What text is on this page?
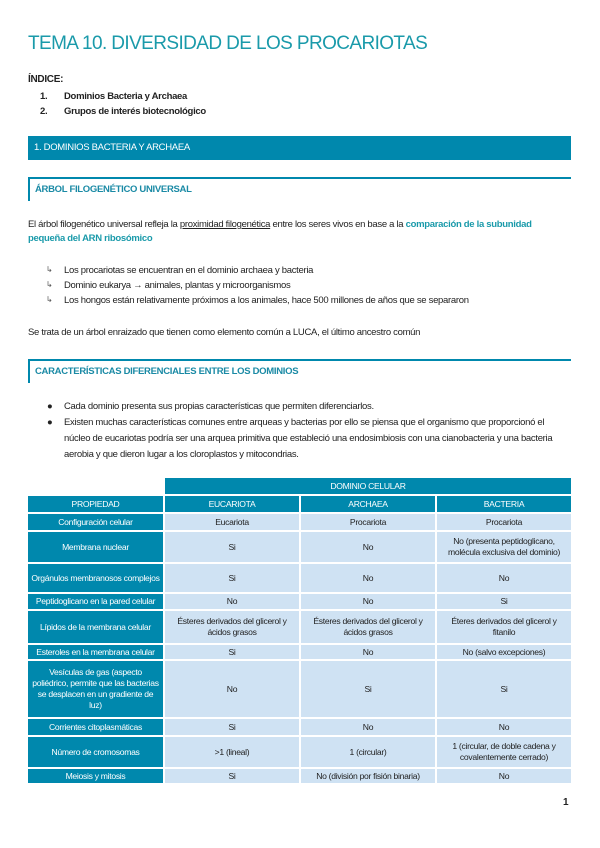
TEMA 10. DIVERSIDAD DE LOS PROCARIOTAS
ÍNDICE:
1. Dominios Bacteria y Archaea
2. Grupos de interés biotecnológico
1. DOMINIOS BACTERIA Y ARCHAEA
ÁRBOL FILOGENÉTICO UNIVERSAL
El árbol filogenético universal refleja la proximidad filogenética entre los seres vivos en base a la comparación de la subunidad pequeña del ARN ribosómico
↳ Los procariotas se encuentran en el dominio archaea y bacteria
↳ Dominio eukarya → animales, plantas y microorganismos
↳ Los hongos están relativamente próximos a los animales, hace 500 millones de años que se separaron
Se trata de un árbol enraizado que tienen como elemento común a LUCA, el último ancestro común
CARACTERÍSTICAS DIFERENCIALES ENTRE LOS DOMINIOS
● Cada dominio presenta sus propias características que permiten diferenciarlos.
● Existen muchas características comunes entre arqueas y bacterias por ello se piensa que el organismo que proporcionó el núcleo de eucariotas podría ser una arquea primitiva que estableció una endosimbiosis con una cianobacteria y una bacteria aerobia y que dieron lugar a los cloroplastos y mitocondrias.
	DOMINIO CELULAR		
PROPIEDAD	EUCARIOTA	ARCHAEA	BACTERIA
Configuración celular	Eucariota	Procariota	Procariota
Membrana nuclear	Si	No	No (presenta peptidoglicano, molécula exclusiva del dominio)
Orgánulos membranosos complejos	Si	No	No
Peptidoglicano en la pared celular	No	No	Si
Lípidos de la membrana celular	Ésteres derivados del glicerol y ácidos grasos	Ésteres derivados del glicerol y ácidos grasos	Éteres derivados del glicerol y fitanilo
Esteroles en la membrana celular	Si	No	No (salvo excepciones)
Vesículas de gas (aspecto poliédrico, permite que las bacterias se desplacen en un gradiente de luz)	No	Si	Si
Corrientes citoplasmáticas	Si	No	No
Número de cromosomas	>1 (lineal)	1 (circular)	1 (circular, de doble cadena y covalentemente cerrado)
Meiosis y mitosis	Si	No (división por fisión binaria)	No
1
